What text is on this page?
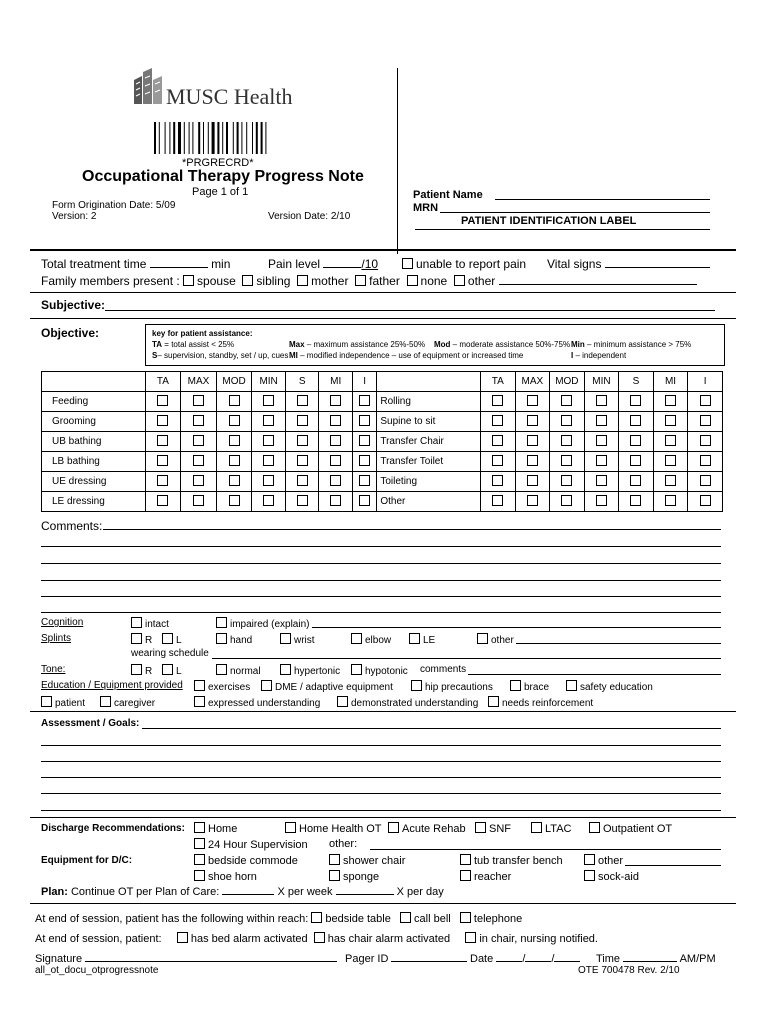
MUSC Health
*PRGRECRD*
Occupational Therapy Progress Note
Page 1 of 1
Form Origination Date: 5/09
Version: 2	Version Date: 2/10
Patient Name
MRN
PATIENT IDENTIFICATION LABEL
Total treatment time	min	Pain level	/10	unable to report pain Vital signs
Family members present : spouse sibling mother father none other
Subjective:
Objective:	key for patient assistance:
TA = total assist < 25%
S– supervision, standby, set / up, cues
Max – maximum assistance 25%-50%
MI – modified independence – use of equipment or increased time
Mod – moderate assistance 50%-75% Min – minimum assistance > 75%
I – independent
	TA	MAX	MOD	MIN	S	MI	I		TA	MAX	MOD	MIN	S	MI	I
Feeding								Rolling							
Grooming								Supine to sit							
UB bathing								Transfer Chair							
LB bathing								Transfer Toilet							
UE dressing								Toileting							
LE dressing								Other							
Comments:
Cognition	intact	impaired (explain)
Splints	R	L	hand	wrist	elbow	LE	other
wearing schedule
Tone:	R	L	normal	hypertonic	hypotonic comments
Education / Equipment provided	exercises	DME / adaptive equipment	hip precautions	brace	safety education
patient	caregiver	expressed understanding	demonstrated understanding	needs reinforcement
Assessment / Goals:
Discharge Recommendations:	Home	Home Health OT	Acute Rehab	SNF	LTAC	Outpatient OT
24 Hour Supervision other:
Equipment for D/C:	bedside commode	shower chair	tub transfer bench	other
shoe horn	sponge	reacher	sock-aid
Plan: Continue OT per Plan of Care:	X per week	X per day
At end of session, patient has the following within reach: bedside table call bell telephone
At end of session, patient:	has bed alarm activated has chair alarm activated	in chair, nursing notified.
Signature	Pager ID	Date	/ /	Time	AM/PM
all_ot_docu_otprogressnote	OTE 700478 Rev. 2/10
